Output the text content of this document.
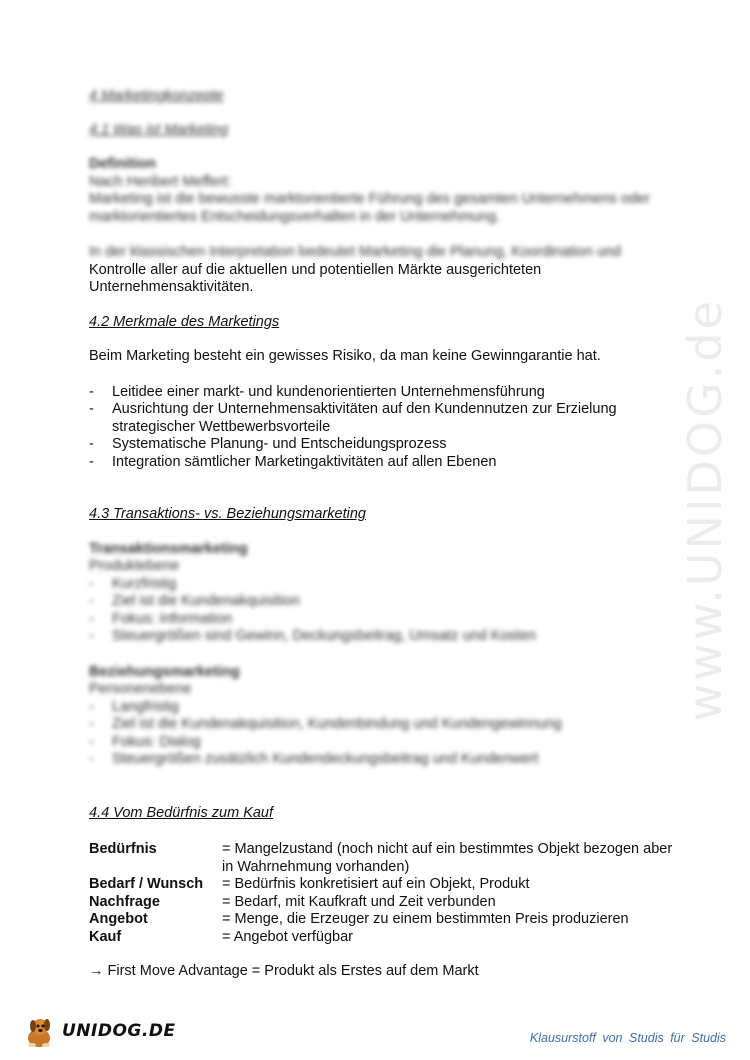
www.UNIDOG.de

4 Marketingkonzepte

4.1 Was ist Marketing

Definition

Nach Heribert Meffert:

Marketing ist die bewusste marktorientierte Führung des gesamten Unternehmens oder marktorientiertes Entscheidungsverhalten in der Unternehmung.

In der klassischen Interpretation bedeutet Marketing die Planung, Koordination und

Kontrolle aller auf die aktuellen und potentiellen Märkte ausgerichteten

Unternehmensaktivitäten.

4.2 Merkmale des Marketings

Beim Marketing besteht ein gewisses Risiko, da man keine Gewinngarantie hat.

- Leitidee einer markt- und kundenorientierten Unternehmensführung
- Ausrichtung der Unternehmensaktivitäten auf den Kundennutzen zur Erzielung strategischer Wettbewerbsvorteile
- Systematische Planung- und Entscheidungsprozess
- Integration sämtlicher Marketingaktivitäten auf allen Ebenen

4.3 Transaktions- vs. Beziehungsmarketing

Transaktionsmarketing

Produktebene

- Kurzfristig
- Ziel ist die Kundenakquisition
- Fokus: Information
- Steuergrößen sind Gewinn, Deckungsbeitrag, Umsatz und Kosten

Beziehungsmarketing

Personenebene

- Langfristig
- Ziel ist die Kundenakquisition, Kundenbindung und Kundengewinnung
- Fokus: Dialog
- Steuergrößen zusätzlich Kundendeckungsbeitrag und Kundenwert

4.4 Vom Bedürfnis zum Kauf

Bedürfnis	= Mangelzustand (noch nicht auf ein bestimmtes Objekt bezogen aber in Wahrnehmung vorhanden)
Bedarf / Wunsch	= Bedürfnis konkretisiert auf ein Objekt, Produkt
Nachfrage	= Bedarf, mit Kaufkraft und Zeit verbunden
Angebot	= Menge, die Erzeuger zu einem bestimmten Preis produzieren
Kauf	= Angebot verfügbar

→ First Move Advantage = Produkt als Erstes auf dem Markt

UNIDOG.DE	Klausurstoff von Studis für Studis
